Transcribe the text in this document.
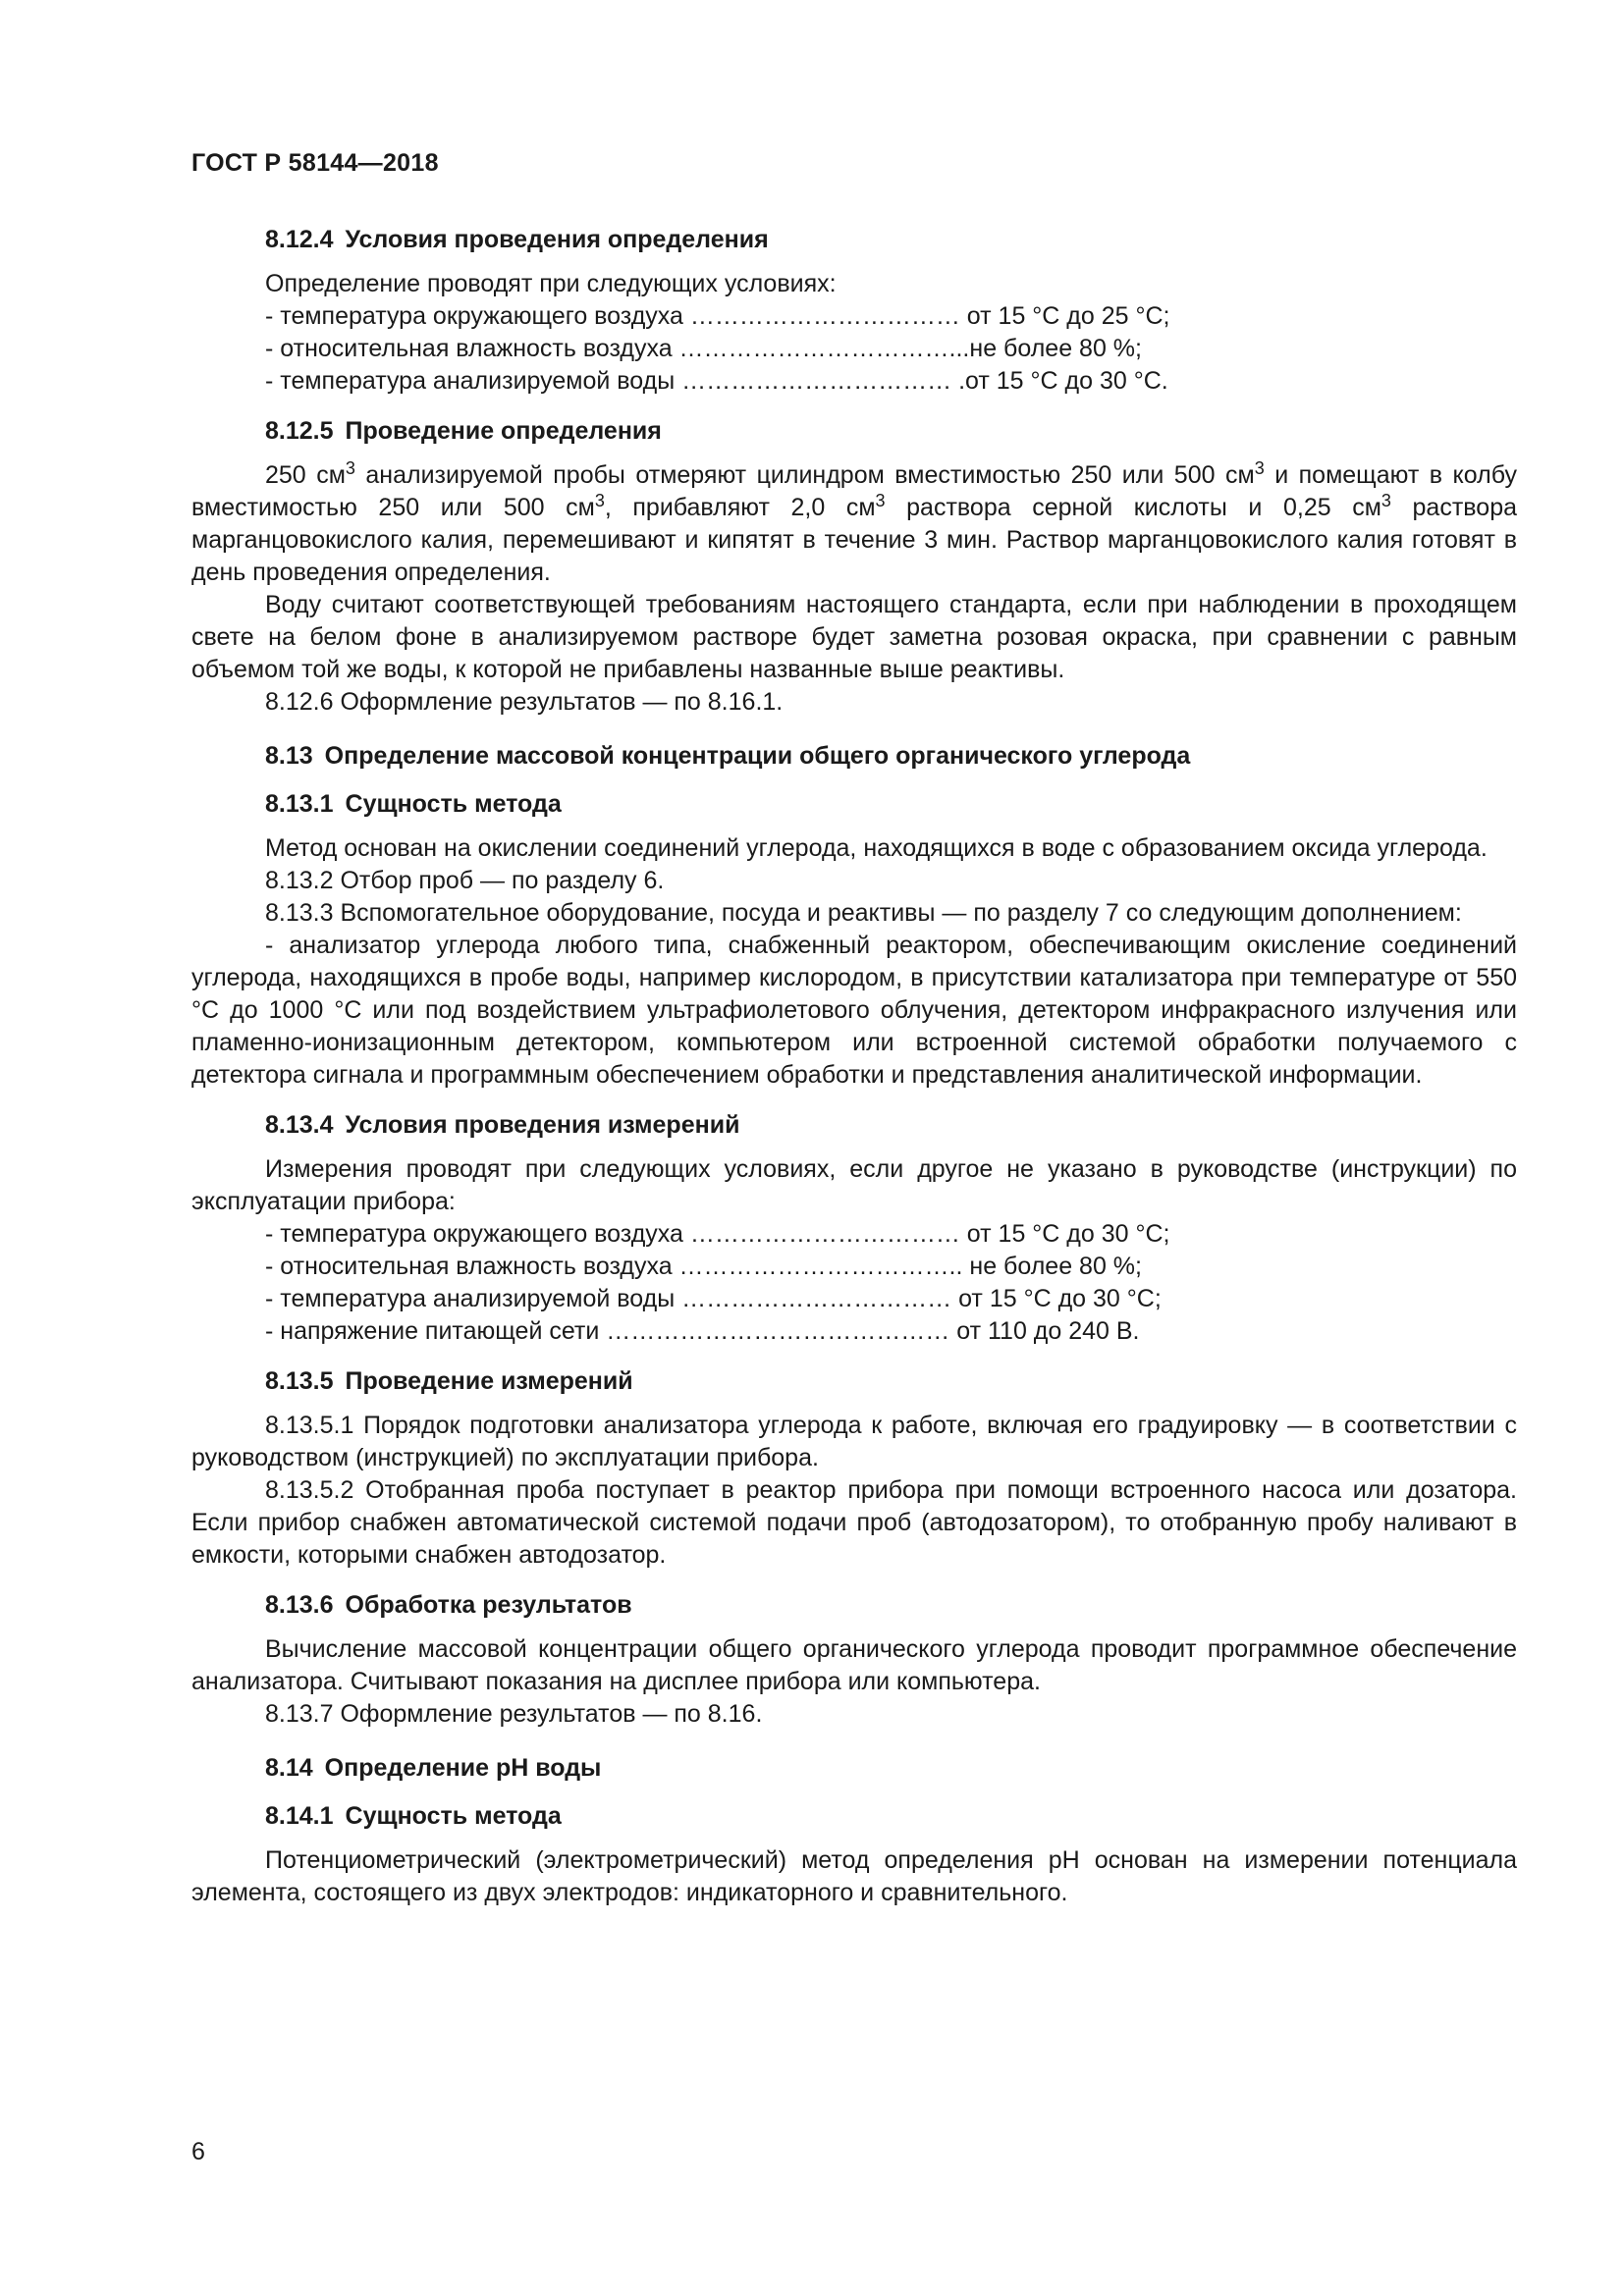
ГОСТ Р 58144—2018

8.12.4 Условия проведения определения

Определение проводят при следующих условиях:

- температура окружающего воздуха …………………………… от 15 °С до 25 °С;

- относительная влажность воздуха ……………………………...не более 80 %;

- температура анализируемой воды …………………………… .от 15 °С до 30 °С.

8.12.5 Проведение определения

250 $см^3$ анализируемой пробы отмеряют цилиндром вместимостью 250 или 500 $см^3$ и помещают в колбу вместимостью 250 или 500 $см^3$, прибавляют 2,0 $см^3$ раствора серной кислоты и 0,25 $см^3$ раствора марганцовокислого калия, перемешивают и кипятят в течение 3 мин. Раствор марганцовокислого калия готовят в день проведения определения.

Воду считают соответствующей требованиям настоящего стандарта, если при наблюдении в проходящем свете на белом фоне в анализируемом растворе будет заметна розовая окраска, при сравнении с равным объемом той же воды, к которой не прибавлены названные выше реактивы.

8.12.6 Оформление результатов — по 8.16.1.

8.13 Определение массовой концентрации общего органического углерода

8.13.1 Сущность метода

Метод основан на окислении соединений углерода, находящихся в воде с образованием оксида углерода.

8.13.2 Отбор проб — по разделу 6.

8.13.3 Вспомогательное оборудование, посуда и реактивы — по разделу 7 со следующим дополнением:

- анализатор углерода любого типа, снабженный реактором, обеспечивающим окисление соединений углерода, находящихся в пробе воды, например кислородом, в присутствии катализатора при температуре от 550 °С до 1000 °С или под воздействием ультрафиолетового облучения, детектором инфракрасного излучения или пламенно-ионизационным детектором, компьютером или встроенной системой обработки получаемого с детектора сигнала и программным обеспечением обработки и представления аналитической информации.

8.13.4 Условия проведения измерений

Измерения проводят при следующих условиях, если другое не указано в руководстве (инструкции) по эксплуатации прибора:

- температура окружающего воздуха …………………………… от 15 °С до 30 °С;

- относительная влажность воздуха …………………………….. не более 80 %;

- температура анализируемой воды …………………………… от 15 °С до 30 °С;

- напряжение питающей сети …………………………………… от 110 до 240 В.

8.13.5 Проведение измерений

8.13.5.1 Порядок подготовки анализатора углерода к работе, включая его градуировку — в соответствии с руководством (инструкцией) по эксплуатации прибора.

8.13.5.2 Отобранная проба поступает в реактор прибора при помощи встроенного насоса или дозатора. Если прибор снабжен автоматической системой подачи проб (автодозатором), то отобранную пробу наливают в емкости, которыми снабжен автодозатор.

8.13.6 Обработка результатов

Вычисление массовой концентрации общего органического углерода проводит программное обеспечение анализатора. Считывают показания на дисплее прибора или компьютера.

8.13.7 Оформление результатов — по 8.16.

8.14 Определение pH воды

8.14.1 Сущность метода

Потенциометрический (электрометрический) метод определения pH основан на измерении потенциала элемента, состоящего из двух электродов: индикаторного и сравнительного.

6
